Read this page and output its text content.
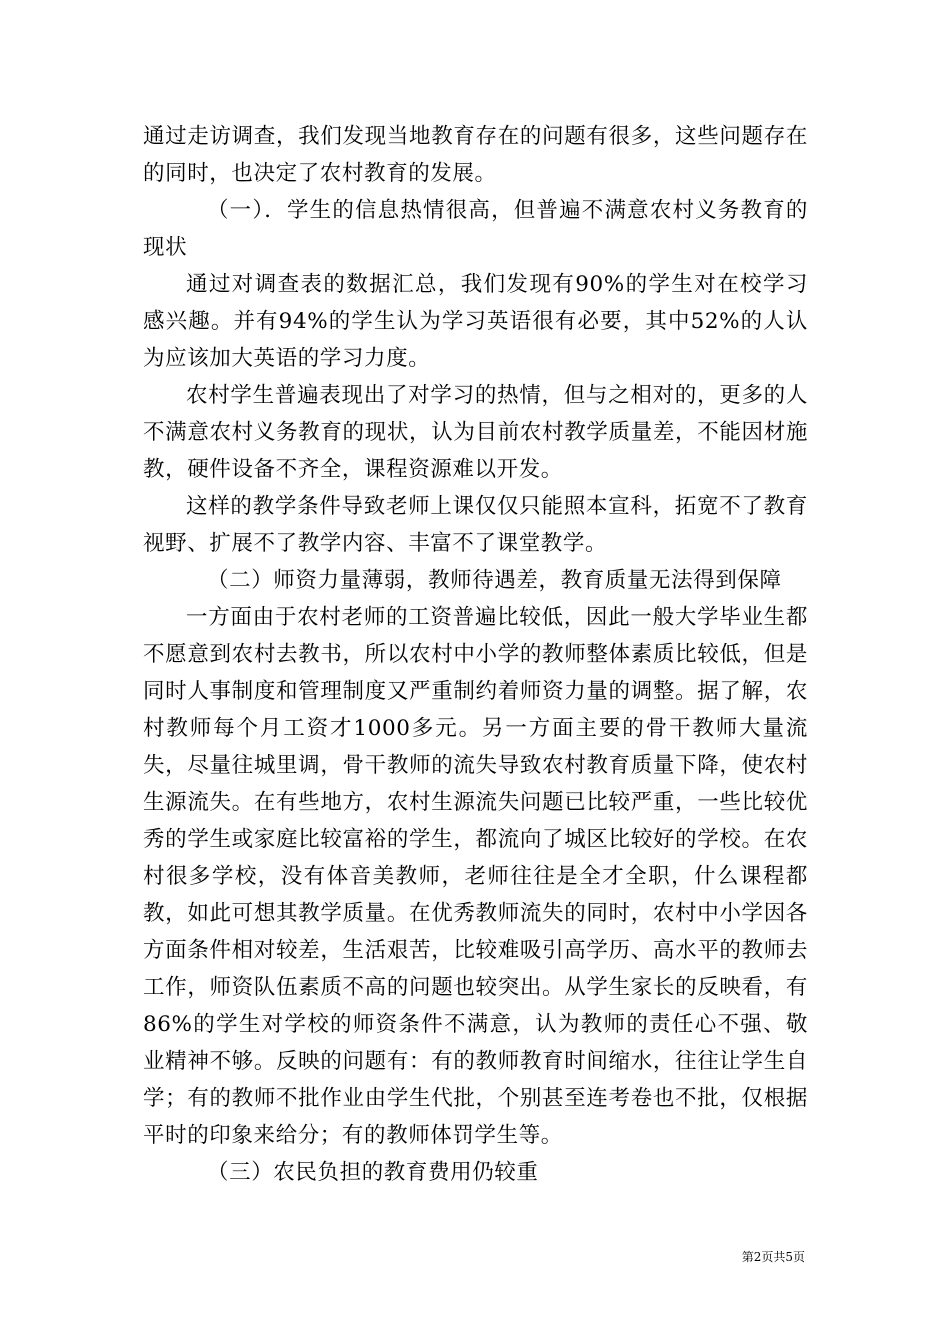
通过走访调查，我们发现当地教育存在的问题有很多，这些问题存在的同时，也决定了农村教育的发展。

（一）．学生的信息热情很高，但普遍不满意农村义务教育的现状

通过对调查表的数据汇总，我们发现有90%的学生对在校学习感兴趣。并有94%的学生认为学习英语很有必要，其中52%的人认为应该加大英语的学习力度。

农村学生普遍表现出了对学习的热情，但与之相对的，更多的人不满意农村义务教育的现状，认为目前农村教学质量差，不能因材施教，硬件设备不齐全，课程资源难以开发。

这样的教学条件导致老师上课仅仅只能照本宣科，拓宽不了教育视野、扩展不了教学内容、丰富不了课堂教学。

（二）师资力量薄弱，教师待遇差，教育质量无法得到保障

一方面由于农村老师的工资普遍比较低，因此一般大学毕业生都不愿意到农村去教书，所以农村中小学的教师整体素质比较低，但是同时人事制度和管理制度又严重制约着师资力量的调整。据了解，农村教师每个月工资才1000多元。另一方面主要的骨干教师大量流失，尽量往城里调，骨干教师的流失导致农村教育质量下降，使农村生源流失。在有些地方，农村生源流失问题已比较严重，一些比较优秀的学生或家庭比较富裕的学生，都流向了城区比较好的学校。在农村很多学校，没有体音美教师，老师往往是全才全职，什么课程都教，如此可想其教学质量。在优秀教师流失的同时，农村中小学因各方面条件相对较差，生活艰苦，比较难吸引高学历、高水平的教师去工作，师资队伍素质不高的问题也较突出。从学生家长的反映看，有86%的学生对学校的师资条件不满意，认为教师的责任心不强、敬业精神不够。反映的问题有：有的教师教育时间缩水，往往让学生自学；有的教师不批作业由学生代批，个别甚至连考卷也不批，仅根据平时的印象来给分；有的教师体罚学生等。

（三）农民负担的教育费用仍较重

第2页共5页
